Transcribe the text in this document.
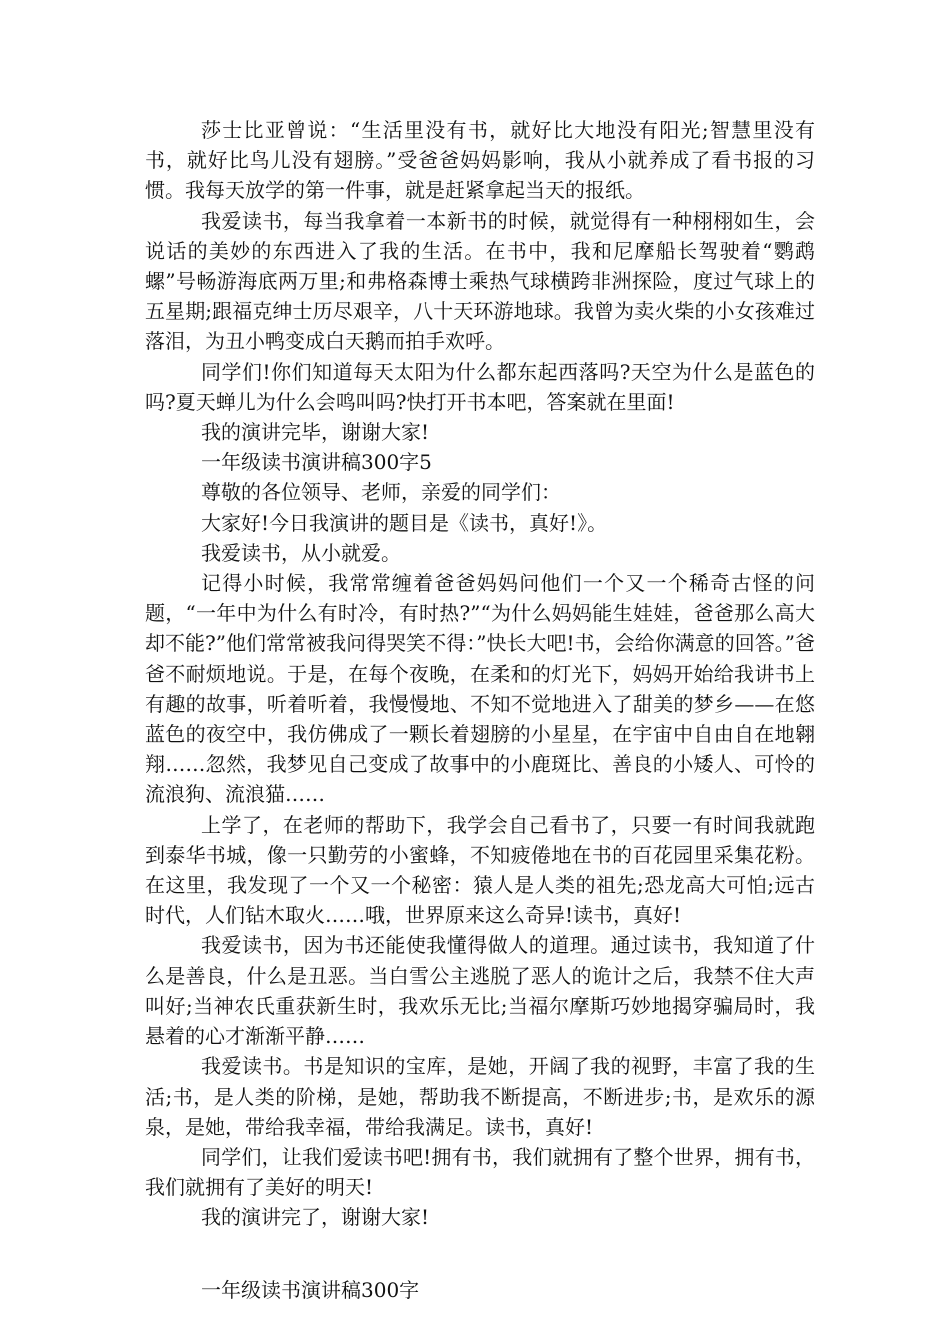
莎士比亚曾说：“生活里没有书，就好比大地没有阳光;智慧里没有书，就好比鸟儿没有翅膀。”受爸爸妈妈影响，我从小就养成了看书报的习惯。我每天放学的第一件事，就是赶紧拿起当天的报纸。

我爱读书，每当我拿着一本新书的时候，就觉得有一种栩栩如生，会说话的美妙的东西进入了我的生活。在书中，我和尼摩船长驾驶着“鹦鹉螺”号畅游海底两万里;和弗格森博士乘热气球横跨非洲探险，度过气球上的五星期;跟福克绅士历尽艰辛，八十天环游地球。我曾为卖火柴的小女孩难过落泪，为丑小鸭变成白天鹅而拍手欢呼。

同学们!你们知道每天太阳为什么都东起西落吗?天空为什么是蓝色的吗?夏天蝉儿为什么会鸣叫吗?快打开书本吧，答案就在里面!

我的演讲完毕，谢谢大家!

一年级读书演讲稿300字5

尊敬的各位领导、老师，亲爱的同学们：

大家好!今日我演讲的题目是《读书，真好!》。

我爱读书，从小就爱。

记得小时候，我常常缠着爸爸妈妈问他们一个又一个稀奇古怪的问题，“一年中为什么有时冷，有时热?”“为什么妈妈能生娃娃，爸爸那么高大却不能?”他们常常被我问得哭笑不得：”快长大吧!书，会给你满意的回答。”爸爸不耐烦地说。于是，在每个夜晚，在柔和的灯光下，妈妈开始给我讲书上有趣的故事，听着听着，我慢慢地、不知不觉地进入了甜美的梦乡——在悠蓝色的夜空中，我仿佛成了一颗长着翅膀的小星星，在宇宙中自由自在地翱翔……忽然，我梦见自己变成了故事中的小鹿斑比、善良的小矮人、可怜的流浪狗、流浪猫……

上学了，在老师的帮助下，我学会自己看书了，只要一有时间我就跑到泰华书城，像一只勤劳的小蜜蜂，不知疲倦地在书的百花园里采集花粉。在这里，我发现了一个又一个秘密：猿人是人类的祖先;恐龙高大可怕;远古时代，人们钻木取火……哦，世界原来这么奇异!读书，真好!

我爱读书，因为书还能使我懂得做人的道理。通过读书，我知道了什么是善良，什么是丑恶。当白雪公主逃脱了恶人的诡计之后，我禁不住大声叫好;当神农氏重获新生时，我欢乐无比;当福尔摩斯巧妙地揭穿骗局时，我悬着的心才渐渐平静……

我爱读书。书是知识的宝库，是她，开阔了我的视野，丰富了我的生活;书，是人类的阶梯，是她，帮助我不断提高，不断进步;书，是欢乐的源泉，是她，带给我幸福，带给我满足。读书，真好!

同学们，让我们爱读书吧!拥有书，我们就拥有了整个世界，拥有书，我们就拥有了美好的明天!

我的演讲完了，谢谢大家!

一年级读书演讲稿300字
